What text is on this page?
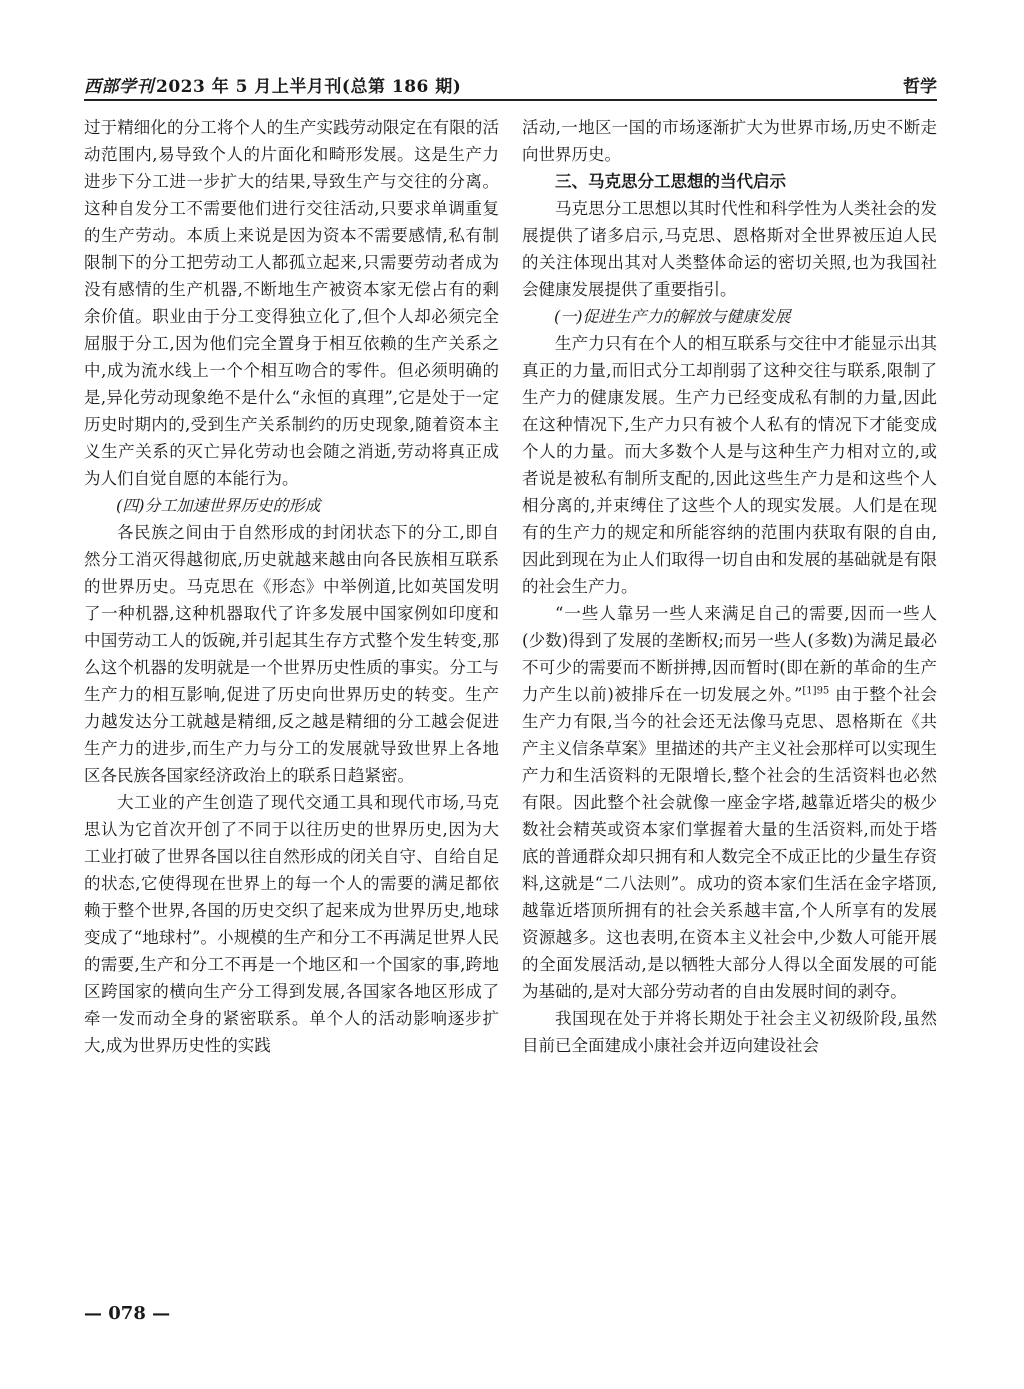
西部学刊 2023 年 5 月上半月刊(总第 186 期)	哲学

过于精细化的分工将个人的生产实践劳动限定在有限的活动范围内,易导致个人的片面化和畸形发展。这是生产力进步下分工进一步扩大的结果,导致生产与交往的分离。这种自发分工不需要他们进行交往活动,只要求单调重复的生产劳动。本质上来说是因为资本不需要感情,私有制限制下的分工把劳动工人都孤立起来,只需要劳动者成为没有感情的生产机器,不断地生产被资本家无偿占有的剩余价值。职业由于分工变得独立化了,但个人却必须完全屈服于分工,因为他们完全置身于相互依赖的生产关系之中,成为流水线上一个个相互吻合的零件。但必须明确的是,异化劳动现象绝不是什么“永恒的真理”,它是处于一定历史时期内的,受到生产关系制约的历史现象,随着资本主义生产关系的灭亡异化劳动也会随之消逝,劳动将真正成为人们自觉自愿的本能行为。

(四)分工加速世界历史的形成

各民族之间由于自然形成的封闭状态下的分工,即自然分工消灭得越彻底,历史就越来越由向各民族相互联系的世界历史。马克思在《形态》中举例道,比如英国发明了一种机器,这种机器取代了许多发展中国家例如印度和中国劳动工人的饭碗,并引起其生存方式整个发生转变,那么这个机器的发明就是一个世界历史性质的事实。分工与生产力的相互影响,促进了历史向世界历史的转变。生产力越发达分工就越是精细,反之越是精细的分工越会促进生产力的进步,而生产力与分工的发展就导致世界上各地区各民族各国家经济政治上的联系日趋紧密。

大工业的产生创造了现代交通工具和现代市场,马克思认为它首次开创了不同于以往历史的世界历史,因为大工业打破了世界各国以往自然形成的闭关自守、自给自足的状态,它使得现在世界上的每一个人的需要的满足都依赖于整个世界,各国的历史交织了起来成为世界历史,地球变成了“地球村”。小规模的生产和分工不再满足世界人民的需要,生产和分工不再是一个地区和一个国家的事,跨地区跨国家的横向生产分工得到发展,各国家各地区形成了牵一发而动全身的紧密联系。单个人的活动影响逐步扩大,成为世界历史性的实践

活动,一地区一国的市场逐渐扩大为世界市场,历史不断走向世界历史。

三、马克思分工思想的当代启示

马克思分工思想以其时代性和科学性为人类社会的发展提供了诸多启示,马克思、恩格斯对全世界被压迫人民的关注体现出其对人类整体命运的密切关照,也为我国社会健康发展提供了重要指引。

(一)促进生产力的解放与健康发展

生产力只有在个人的相互联系与交往中才能显示出其真正的力量,而旧式分工却削弱了这种交往与联系,限制了生产力的健康发展。生产力已经变成私有制的力量,因此在这种情况下,生产力只有被个人私有的情况下才能变成个人的力量。而大多数个人是与这种生产力相对立的,或者说是被私有制所支配的,因此这些生产力是和这些个人相分离的,并束缚住了这些个人的现实发展。人们是在现有的生产力的规定和所能容纳的范围内获取有限的自由,因此到现在为止人们取得一切自由和发展的基础就是有限的社会生产力。

“一些人靠另一些人来满足自己的需要,因而一些人(少数)得到了发展的垄断权;而另一些人(多数)为满足最必不可少的需要而不断拼搏,因而暂时(即在新的革命的生产力产生以前)被排斥在一切发展之外。”$^{[1]95}$ 由于整个社会生产力有限,当今的社会还无法像马克思、恩格斯在《共产主义信条草案》里描述的共产主义社会那样可以实现生产力和生活资料的无限增长,整个社会的生活资料也必然有限。因此整个社会就像一座金字塔,越靠近塔尖的极少数社会精英或资本家们掌握着大量的生活资料,而处于塔底的普通群众却只拥有和人数完全不成正比的少量生存资料,这就是“二八法则”。成功的资本家们生活在金字塔顶,越靠近塔顶所拥有的社会关系越丰富,个人所享有的发展资源越多。这也表明,在资本主义社会中,少数人可能开展的全面发展活动,是以牺牲大部分人得以全面发展的可能为基础的,是对大部分劳动者的自由发展时间的剥夺。

我国现在处于并将长期处于社会主义初级阶段,虽然目前已全面建成小康社会并迈向建设社会

— 078 —
